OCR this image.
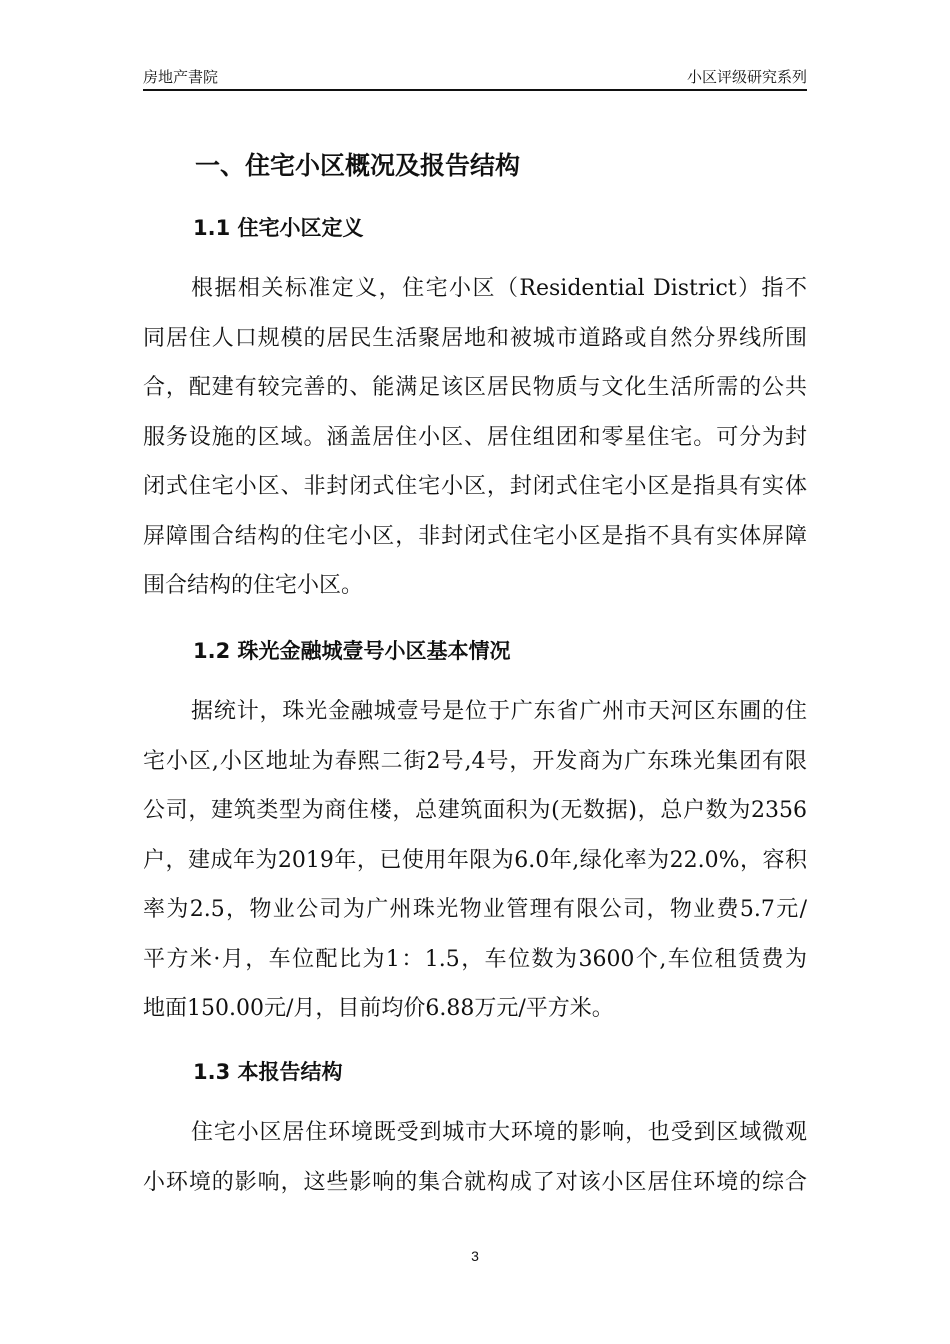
房地产書院	小区评级研究系列
一、住宅小区概况及报告结构
1.1 住宅小区定义
根据相关标准定义，住宅小区（Residential District）指不
同居住人口规模的居民生活聚居地和被城市道路或自然分界线所围
合，配建有较完善的、能满足该区居民物质与文化生活所需的公共
服务设施的区域。涵盖居住小区、居住组团和零星住宅。可分为封
闭式住宅小区、非封闭式住宅小区，封闭式住宅小区是指具有实体
屏障围合结构的住宅小区，非封闭式住宅小区是指不具有实体屏障
围合结构的住宅小区。
1.2 珠光金融城壹号小区基本情况
据统计，珠光金融城壹号是位于广东省广州市天河区东圃的住
宅小区,小区地址为春熙二街2号,4号，开发商为广东珠光集团有限
公司，建筑类型为商住楼，总建筑面积为(无数据)，总户数为2356
户，建成年为2019年，已使用年限为6.0年,绿化率为22.0%，容积
率为2.5，物业公司为广州珠光物业管理有限公司，物业费5.7元/
平方米·月，车位配比为1：1.5，车位数为3600个,车位租赁费为
地面150.00元/月，目前均价6.88万元/平方米。
1.3 本报告结构
住宅小区居住环境既受到城市大环境的影响，也受到区域微观
小环境的影响，这些影响的集合就构成了对该小区居住环境的综合
3
